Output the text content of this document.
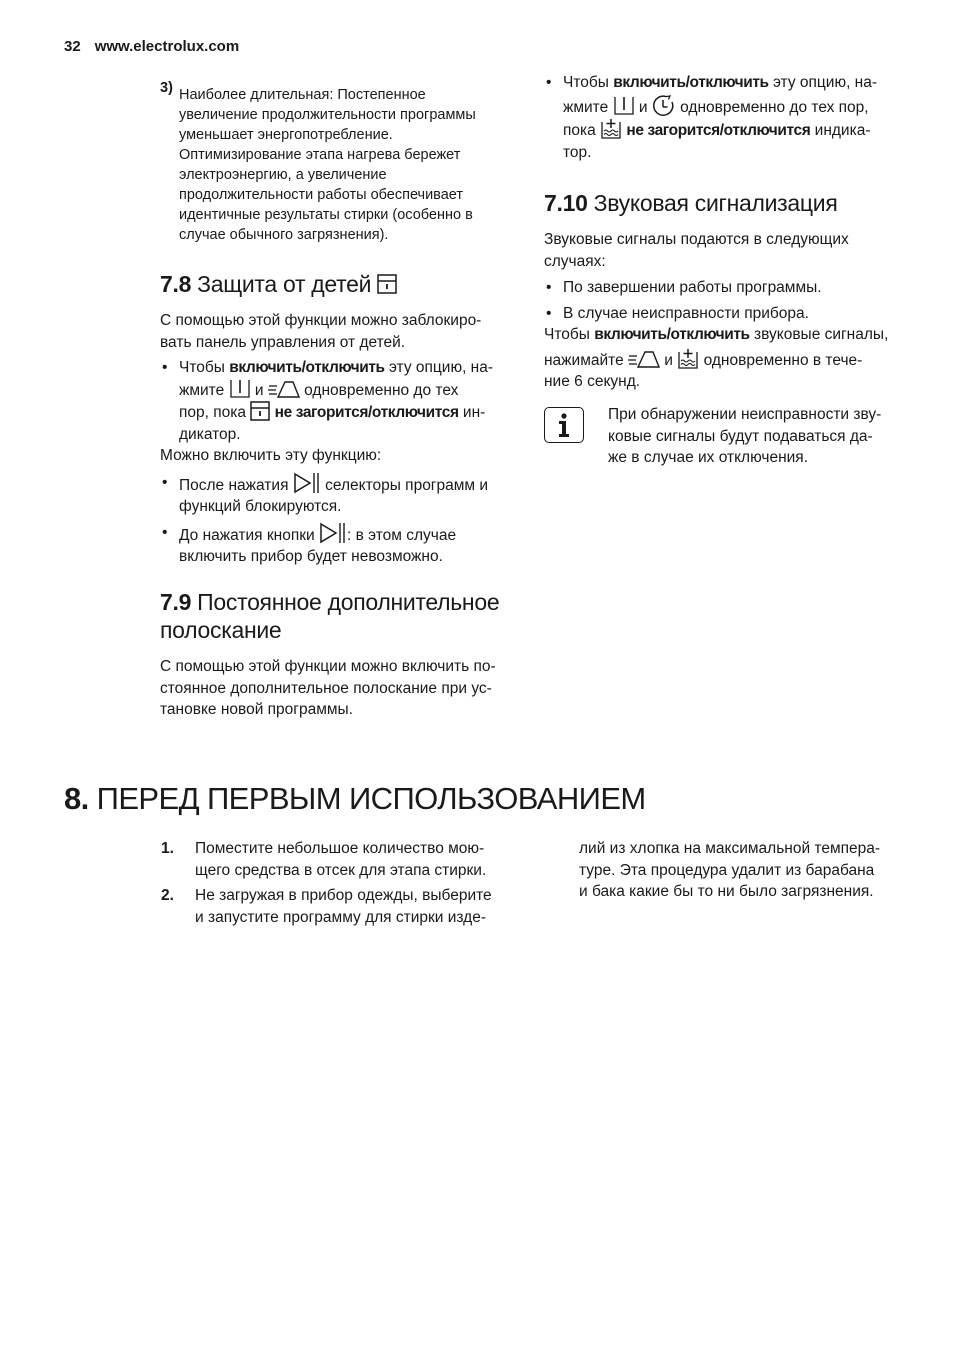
32 www.electrolux.com
3) Наиболее длительная: Постепенное
увеличение продолжительности программы
уменьшает энергопотребление.
Оптимизирование этапа нагрева бережет
электроэнергию, а увеличение
продолжительности работы обеспечивает
идентичные результаты стирки (особенно в
случае обычного загрязнения).
7.8 Защита от детей
С помощью этой функции можно заблокиро-
вать панель управления от детей.
• Чтобы включить/отключить эту опцию, на-
жмите  и  одновременно до тех
пор, пока  не загорится/отключится ин-
дикатор.
Можно включить эту функцию:
• После нажатия  селекторы программ и
функций блокируются.
• До нажатия кнопки : в этом случае
включить прибор будет невозможно.
7.9 Постоянное дополнительное
полоскание
С помощью этой функции можно включить по-
стоянное дополнительное полоскание при ус-
тановке новой программы.
• Чтобы включить/отключить эту опцию, на-
жмите  и  одновременно до тех пор,
пока  не загорится/отключится индика-
тор.
7.10 Звуковая сигнализация
Звуковые сигналы подаются в следующих
случаях:
• По завершении работы программы.
• В случае неисправности прибора.
Чтобы включить/отключить звуковые сигналы,
нажимайте  и  одновременно в тече-
ние 6 секунд.
При обнаружении неисправности зву-
ковые сигналы будут подаваться да-
же в случае их отключения.
8. ПЕРЕД ПЕРВЫМ ИСПОЛЬЗОВАНИЕМ
1. Поместите небольшое количество мою-
щего средства в отсек для этапа стирки.
2. Не загружая в прибор одежды, выберите
и запустите программу для стирки изде-
лий из хлопка на максимальной темпера-
туре. Эта процедура удалит из барабана
и бака какие бы то ни было загрязнения.
